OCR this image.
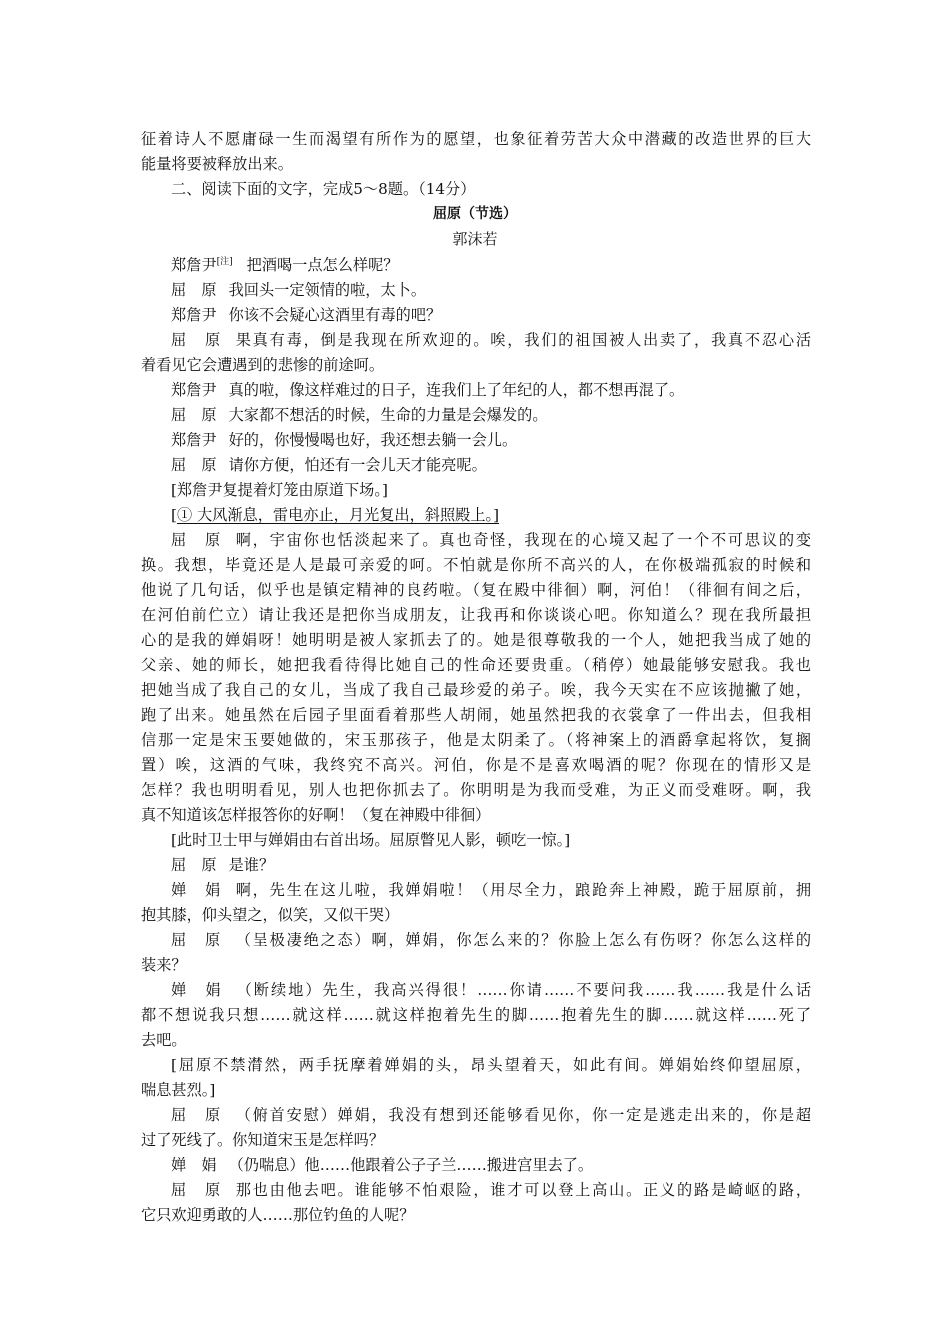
征着诗人不愿庸碌一生而渴望有所作为的愿望，也象征着劳苦大众中潜藏的改造世界的巨大
能量将要被释放出来。
二、阅读下面的文字，完成5～8题。（14分）
屈原（节选）
郭沫若
郑詹尹[注] 把酒喝一点怎么样呢？
屈　原 我回头一定领情的啦，太卜。
郑詹尹 你该不会疑心这酒里有毒的吧？
屈　原 果真有毒，倒是我现在所欢迎的。唉，我们的祖国被人出卖了，我真不忍心活
着看见它会遭遇到的悲惨的前途呵。
郑詹尹 真的啦，像这样难过的日子，连我们上了年纪的人，都不想再混了。
屈　原 大家都不想活的时候，生命的力量是会爆发的。
郑詹尹 好的，你慢慢喝也好，我还想去躺一会儿。
屈　原 请你方便，怕还有一会儿天才能亮呢。
[郑詹尹复提着灯笼由原道下场。]
[① 大风渐息，雷电亦止，月光复出，斜照殿上。]
屈　原 啊，宇宙你也恬淡起来了。真也奇怪，我现在的心境又起了一个不可思议的变
换。我想，毕竟还是人是最可亲爱的呵。不怕就是你所不高兴的人，在你极端孤寂的时候和
他说了几句话，似乎也是镇定精神的良药啦。（复在殿中徘徊）啊，河伯！（徘徊有间之后，
在河伯前伫立）请让我还是把你当成朋友，让我再和你谈谈心吧。你知道么？现在我所最担
心的是我的婵娟呀！她明明是被人家抓去了的。她是很尊敬我的一个人，她把我当成了她的
父亲、她的师长，她把我看待得比她自己的性命还要贵重。（稍停）她最能够安慰我。我也
把她当成了我自己的女儿，当成了我自己最珍爱的弟子。唉，我今天实在不应该抛撇了她，
跑了出来。她虽然在后园子里面看着那些人胡闹，她虽然把我的衣裳拿了一件出去，但我相
信那一定是宋玉要她做的，宋玉那孩子，他是太阴柔了。（将神案上的酒爵拿起将饮，复搁
置）唉，这酒的气味，我终究不高兴。河伯，你是不是喜欢喝酒的呢？你现在的情形又是
怎样？我也明明看见，别人也把你抓去了。你明明是为我而受难，为正义而受难呀。啊，我
真不知道该怎样报答你的好啊！（复在神殿中徘徊）
[此时卫士甲与婵娟由右首出场。屈原瞥见人影，顿吃一惊。]
屈　原 是谁？
婵　娟 啊，先生在这儿啦，我婵娟啦！（用尽全力，踉跄奔上神殿，跪于屈原前，拥
抱其膝，仰头望之，似笑，又似干哭）
屈　原 （呈极凄绝之态）啊，婵娟，你怎么来的？你脸上怎么有伤呀？你怎么这样的
装来？
婵　娟 （断续地）先生，我高兴得很！……你请……不要问我……我……我是什么话
都不想说我只想……就这样……就这样抱着先生的脚……抱着先生的脚……就这样……死了
去吧。
[屈原不禁潸然，两手抚摩着婵娟的头，昂头望着天，如此有间。婵娟始终仰望屈原，
喘息甚烈。]
屈　原 （俯首安慰）婵娟，我没有想到还能够看见你，你一定是逃走出来的，你是超
过了死线了。你知道宋玉是怎样吗？
婵　娟 （仍喘息）他……他跟着公子子兰……搬进宫里去了。
屈　原 那也由他去吧。谁能够不怕艰险，谁才可以登上高山。正义的路是崎岖的路，
它只欢迎勇敢的人……那位钓鱼的人呢？
